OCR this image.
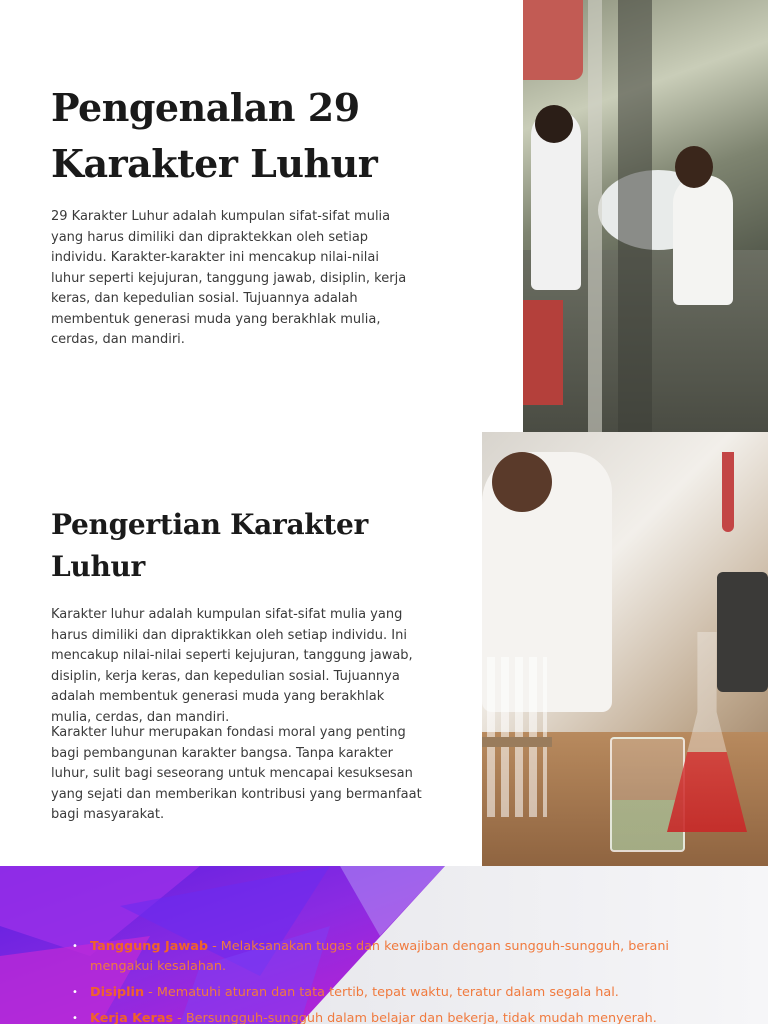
Pengenalan 29 Karakter Luhur

29 Karakter Luhur adalah kumpulan sifat-sifat mulia yang harus dimiliki dan dipraktekkan oleh setiap individu. Karakter-karakter ini mencakup nilai-nilai luhur seperti kejujuran, tanggung jawab, disiplin, kerja keras, dan kepedulian sosial. Tujuannya adalah membentuk generasi muda yang berakhlak mulia, cerdas, dan mandiri.

Pengertian Karakter Luhur

Karakter luhur adalah kumpulan sifat-sifat mulia yang harus dimiliki dan dipraktikkan oleh setiap individu. Ini mencakup nilai-nilai seperti kejujuran, tanggung jawab, disiplin, kerja keras, dan kepedulian sosial. Tujuannya adalah membentuk generasi muda yang berakhlak mulia, cerdas, dan mandiri.

Karakter luhur merupakan fondasi moral yang penting bagi pembangunan karakter bangsa. Tanpa karakter luhur, sulit bagi seseorang untuk mencapai kesuksesan yang sejati dan memberikan kontribusi yang bermanfaat bagi masyarakat.

• Tanggung Jawab - Melaksanakan tugas dan kewajiban dengan sungguh-sungguh, berani mengakui kesalahan.
• Disiplin - Mematuhi aturan dan tata tertib, tepat waktu, teratur dalam segala hal.
• Kerja Keras - Bersungguh-sungguh dalam belajar dan bekerja, tidak mudah menyerah.
